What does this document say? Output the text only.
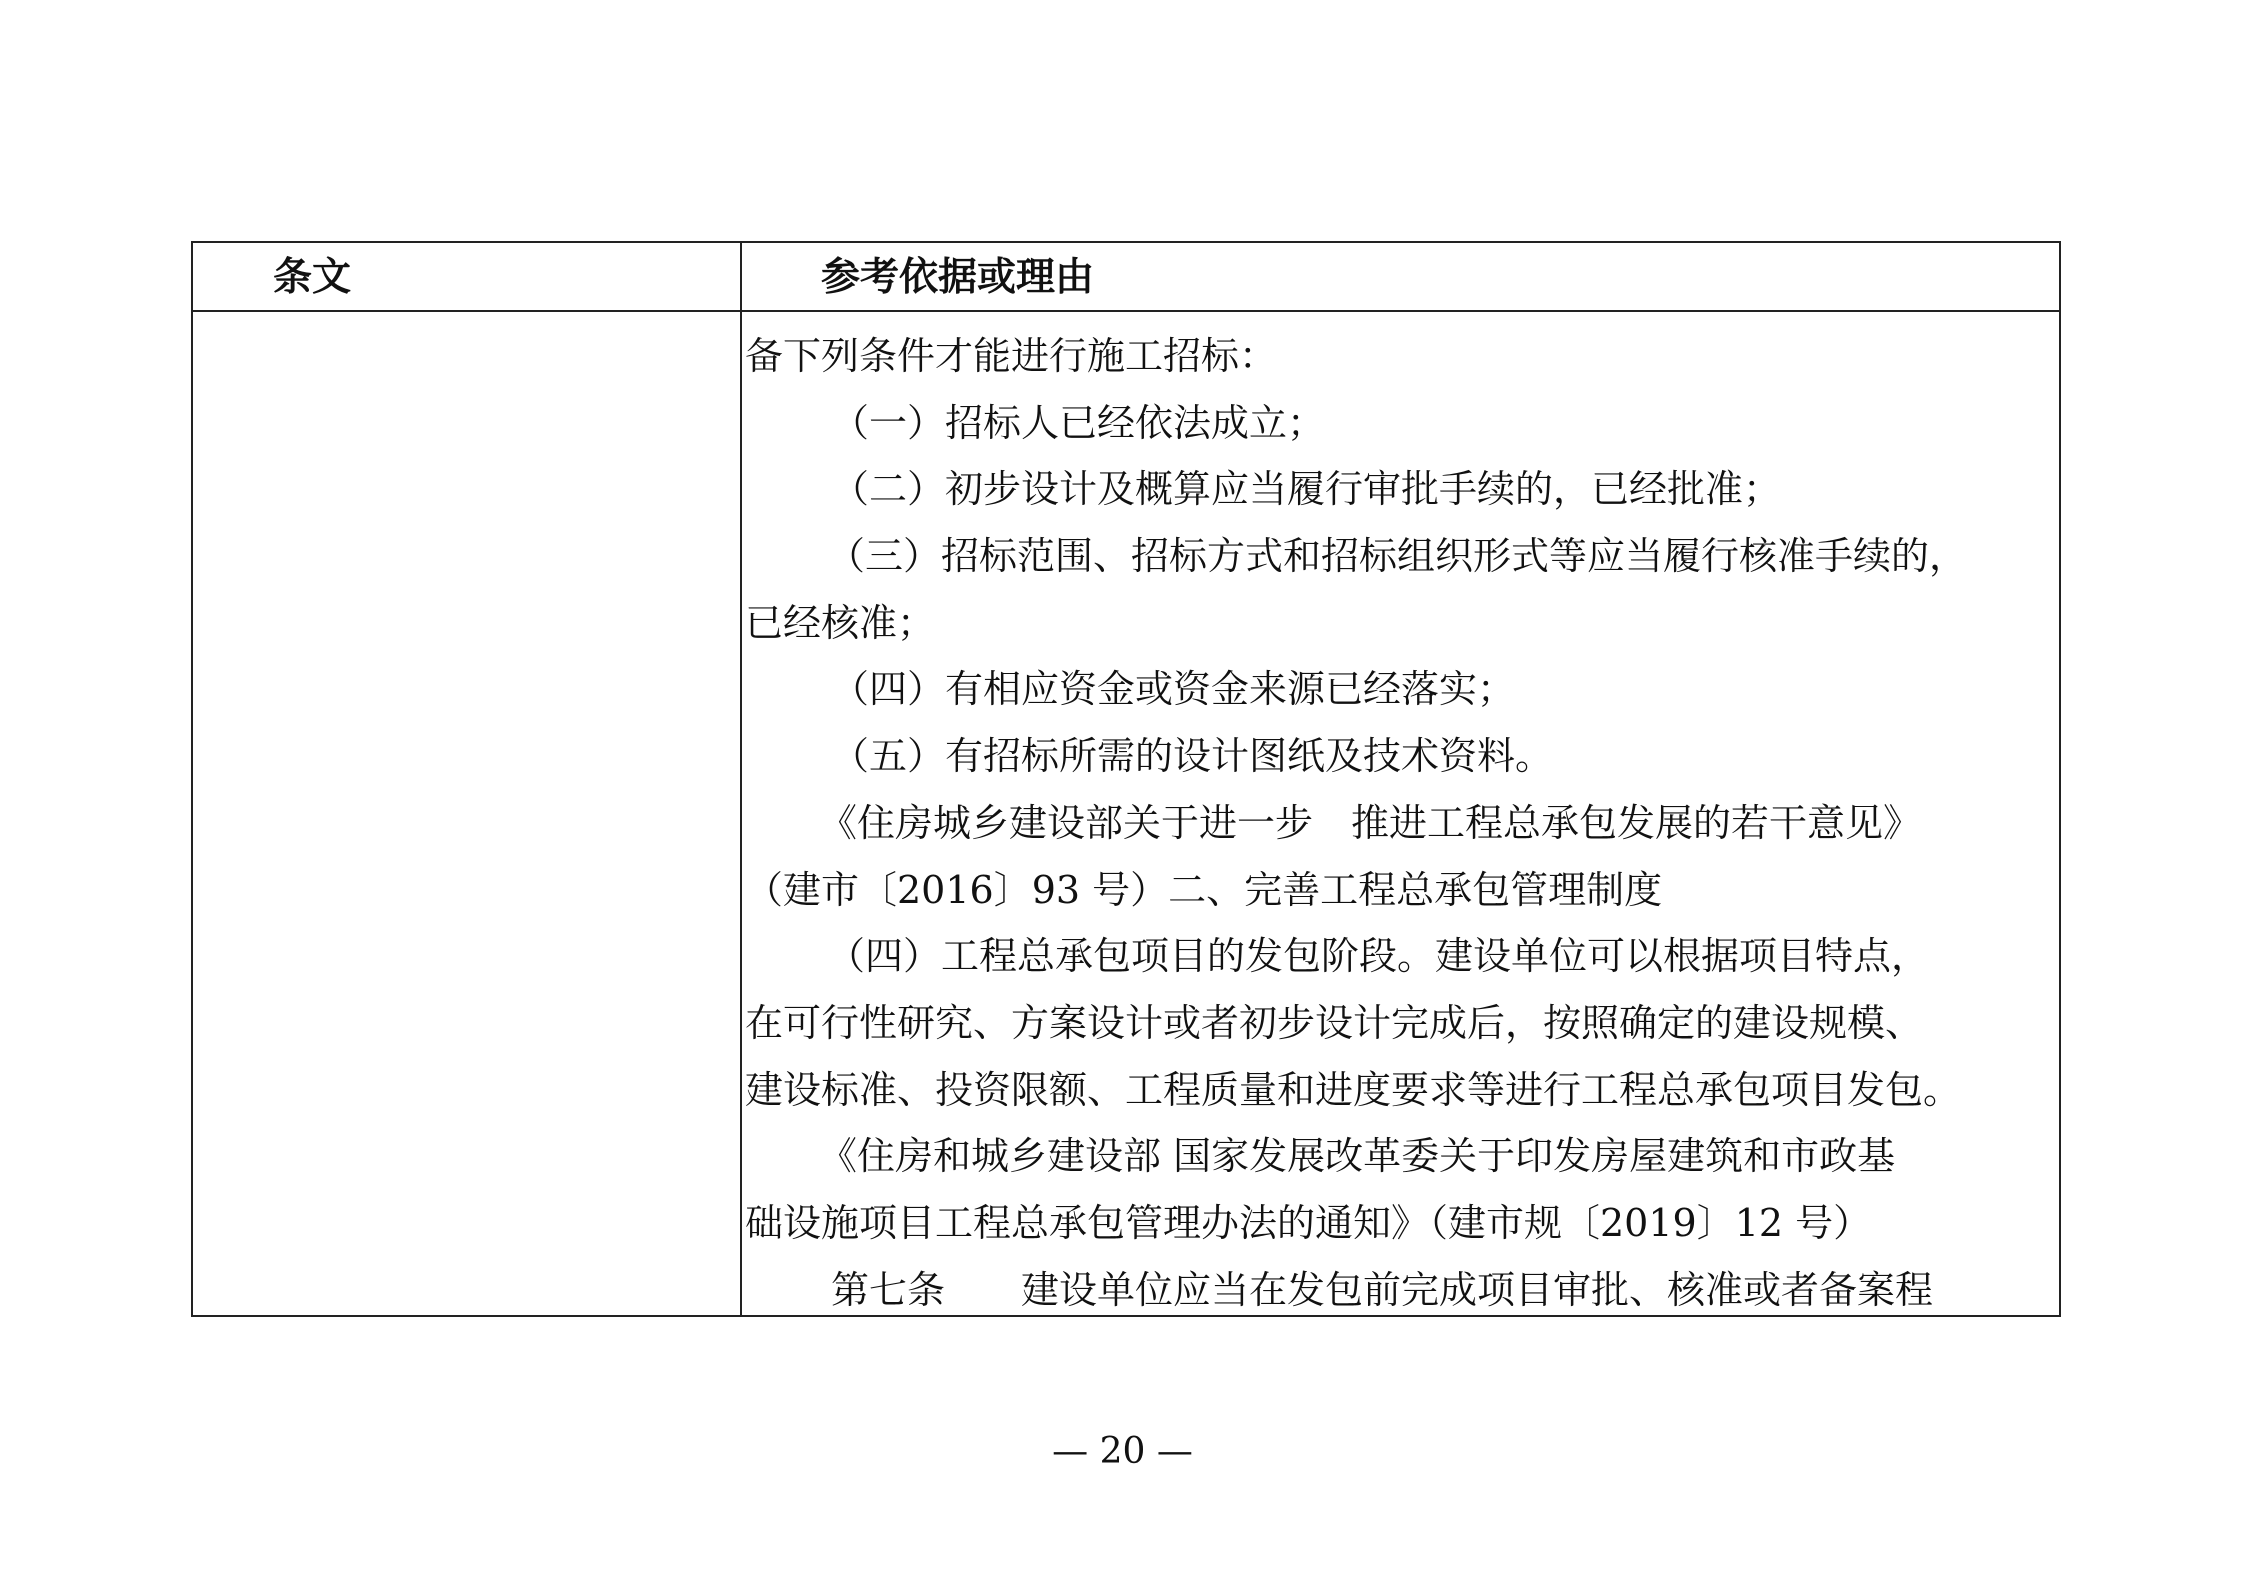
条文	参考依据或理由
备下列条件才能进行施工招标：
（一）招标人已经依法成立；
（二）初步设计及概算应当履行审批手续的，已经批准；
（三）招标范围、招标方式和招标组织形式等应当履行核准手续的，
已经核准；
（四）有相应资金或资金来源已经落实；
（五）有招标所需的设计图纸及技术资料。
《住房城乡建设部关于进一步　推进工程总承包发展的若干意见》
（建市〔2016〕93 号）二、完善工程总承包管理制度
（四）工程总承包项目的发包阶段。建设单位可以根据项目特点，
在可行性研究、方案设计或者初步设计完成后，按照确定的建设规模、
建设标准、投资限额、工程质量和进度要求等进行工程总承包项目发包。
《住房和城乡建设部 国家发展改革委关于印发房屋建筑和市政基
础设施项目工程总承包管理办法的通知》（建市规〔2019〕12 号）
第七条　　建设单位应当在发包前完成项目审批、核准或者备案程
— 20 —
